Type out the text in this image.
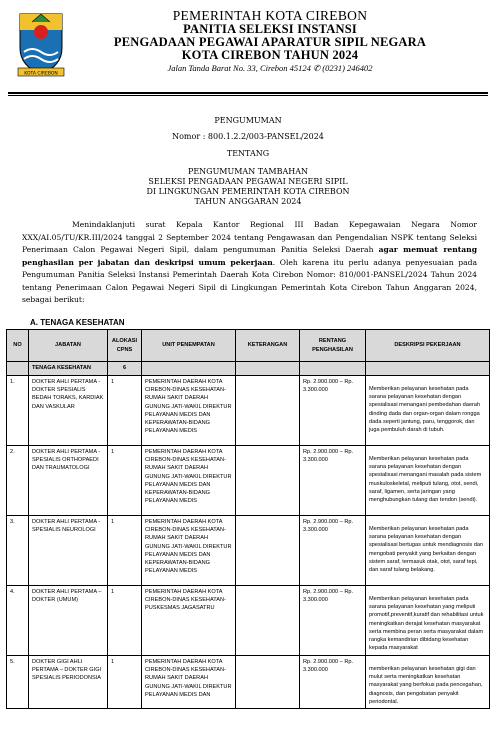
KOTA CIREBON
PEMERINTAH KOTA CIREBON
PANITIA SELEKSI INSTANSI
PENGADAAN PEGAWAI APARATUR SIPIL NEGARA
KOTA CIREBON TAHUN 2024
Jalan Tanda Barat No. 33, Cirebon 45124 ✆ (0231) 246402
PENGUMUMAN
Nomor : 800.1.2.2/003-PANSEL/2024
TENTANG
PENGUMUMAN TAMBAHAN
SELEKSI PENGADAAN PEGAWAI NEGERI SIPIL
DI LINGKUNGAN PEMERINTAH KOTA CIREBON
TAHUN ANGGARAN 2024
Menindaklanjuti surat Kepala Kantor Regional III Badan Kepegawaian Negara Nomor XXX/AI.05/TU/KR.III/2024 tanggal 2 September 2024 tentang Pengawasan dan Pengendalian NSPK tentang Seleksi Penerimaan Calon Pegawai Negeri Sipil, dalam pengumuman Panitia Seleksi Daerah agar memuat rentang penghasilan per jabatan dan deskripsi umum pekerjaan. Oleh karena itu perlu adanya penyesuaian pada Pengumuman Panitia Seleksi Instansi Pemerintah Daerah Kota Cirebon Nomor: 810/001-PANSEL/2024 Tahun 2024 tentang Penerimaan Calon Pegawai Negeri Sipil di Lingkungan Pemerintah Kota Cirebon Tahun Anggaran 2024, sebagai berikut:
A. TENAGA KESEHATAN
NO	JABATAN	ALOKASI CPNS	UNIT PENEMPATAN	KETERANGAN	RENTANG PENGHASILAN	DESKRIPSI PEKERJAAN
	TENAGA KESEHATAN	6				
1.	DOKTER AHLI PERTAMA - DOKTER SPESIALIS BEDAH TORAKS, KARDIAK DAN VASKULAR	1	PEMERINTAH DAERAH KOTA CIREBON-DINAS KESEHATAN-RUMAH SAKIT DAERAH GUNUNG JATI-WAKIL DIREKTUR PELAYANAN MEDIS DAN KEPERAWATAN-BIDANG PELAYANAN MEDIS		Rp. 2.900.000 – Rp. 3.300.000	Memberikan pelayanan kesehatan pada sarana pelayanan kesehatan dengan spesialisasi menangani pembedahan daerah dinding dada dan organ-organ dalam rongga dada seperti jantung, paru, tenggorok, dan juga pembuluh darah di tubuh.
2.	DOKTER AHLI PERTAMA - SPESIALIS ORTHOPAEDI DAN TRAUMATOLOGI	1	PEMERINTAH DAERAH KOTA CIREBON-DINAS KESEHATAN-RUMAH SAKIT DAERAH GUNUNG JATI-WAKIL DIREKTUR PELAYANAN MEDIS DAN KEPERAWATAN-BIDANG PELAYANAN MEDIS		Rp. 2.900.000 – Rp. 3.300.000	Memberikan pelayanan kesehatan pada sarana pelayanan kesehatan dengan spesialisasi menangani masalah pada sistem muskuloskeletal, meliputi tulang, otot, sendi, saraf, ligamen, serta jaringan yang menghubungkan tulang dan tendon (sendi).
3.	DOKTER AHLI PERTAMA - SPESIALIS NEUROLOGI	1	PEMERINTAH DAERAH KOTA CIREBON-DINAS KESEHATAN-RUMAH SAKIT DAERAH GUNUNG JATI-WAKIL DIREKTUR PELAYANAN MEDIS DAN KEPERAWATAN-BIDANG PELAYANAN MEDIS		Rp. 2.900.000 – Rp. 3.300.000	Memberikan pelayanan kesehatan pada sarana pelayanan kesehatan dengan spesialisasi bertugas untuk mendiagnosis dan mengobati penyakit yang berkaitan dengan sistem saraf, termasuk otak, otot, saraf tepi, dan saraf tulang belakang.
4.	DOKTER AHLI PERTAMA – DOKTER (UMUM)	1	PEMERINTAH DAERAH KOTA CIREBON-DINAS KESEHATAN-PUSKESMAS JAGASATRU		Rp. 2.900.000 – Rp. 3.300.000	Memberikan pelayanan kesehatan pada sarana pelayanan kesehatan yang meliputi promotif,preventif,kuratif dan rehabilitasi untuk meningkatkan derajat kesehatan masyarakat serta membina peran serta masyarakat dalam rangka kemandirian dibidang kesehatan kepada masyarakat
5.	DOKTER GIGI AHLI PERTAMA – DOKTER GIGI SPESIALIS PERIODONSIA	1	PEMERINTAH DAERAH KOTA CIREBON-DINAS KESEHATAN-RUMAH SAKIT DAERAH GUNUNG JATI-WAKIL DIREKTUR PELAYANAN MEDIS DAN		Rp. 2.900.000 – Rp. 3.300.000	memberikan pelayanan kesehatan gigi dan mulut serta meningkatkan kesehatan masyarakat yang berfokus pada pencegahan, diagnosis, dan pengobatan penyakit periodontal.
